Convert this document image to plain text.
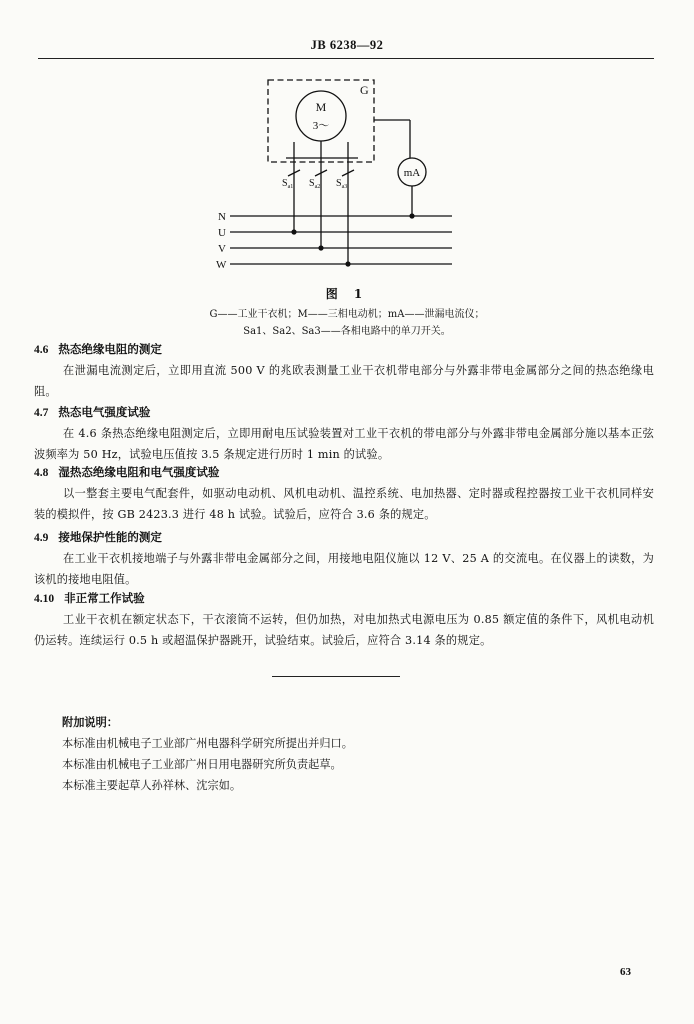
JB 6238—92
G
M
3～
mA
$S_{a1}$ $S_{a2}$ $S_{a3}$
N
U
V
W
图 1
G——工业干衣机；M——三相电动机；mA——泄漏电流仪；
Sa1、Sa2、Sa3——各相电路中的单刀开关。
4.6 热态绝缘电阻的测定
在泄漏电流测定后，立即用直流 500 V 的兆欧表测量工业干衣机带电部分与外露非带电金属部分之间的热态绝缘电阻。
4.7 热态电气强度试验
在 4.6 条热态绝缘电阻测定后，立即用耐电压试验装置对工业干衣机的带电部分与外露非带电金属部分施以基本正弦波频率为 50 Hz，试验电压值按 3.5 条规定进行历时 1 min 的试验。
4.8 湿热态绝缘电阻和电气强度试验
以一整套主要电气配套件，如驱动电动机、风机电动机、温控系统、电加热器、定时器或程控器按工业干衣机同样安装的模拟件，按 GB 2423.3 进行 48 h 试验。试验后，应符合 3.6 条的规定。
4.9 接地保护性能的测定
在工业干衣机接地端子与外露非带电金属部分之间，用接地电阻仪施以 12 V、25 A 的交流电。在仪器上的读数，为该机的接地电阻值。
4.10 非正常工作试验
工业干衣机在额定状态下，干衣滚筒不运转，但仍加热，对电加热式电源电压为 0.85 额定值的条件下，风机电动机仍运转。连续运行 0.5 h 或超温保护器跳开，试验结束。试验后，应符合 3.14 条的规定。
附加说明：
本标准由机械电子工业部广州电器科学研究所提出并归口。
本标准由机械电子工业部广州日用电器研究所负责起草。
本标准主要起草人孙祥林、沈宗如。
63
